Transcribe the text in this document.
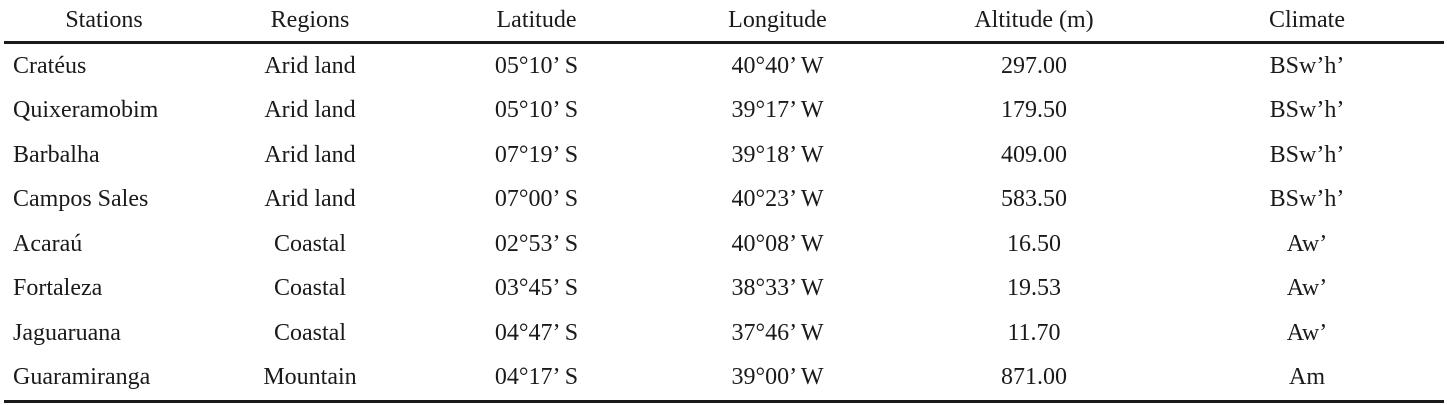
Stations	Regions	Latitude	Longitude	Altitude (m)	Climate
Cratéus	Arid land	05°10’ S	40°40’ W	297.00	BSw’h’
Quixeramobim	Arid land	05°10’ S	39°17’ W	179.50	BSw’h’
Barbalha	Arid land	07°19’ S	39°18’ W	409.00	BSw’h’
Campos Sales	Arid land	07°00’ S	40°23’ W	583.50	BSw’h’
Acaraú	Coastal	02°53’ S	40°08’ W	16.50	Aw’
Fortaleza	Coastal	03°45’ S	38°33’ W	19.53	Aw’
Jaguaruana	Coastal	04°47’ S	37°46’ W	11.70	Aw’
Guaramiranga	Mountain	04°17’ S	39°00’ W	871.00	Am
